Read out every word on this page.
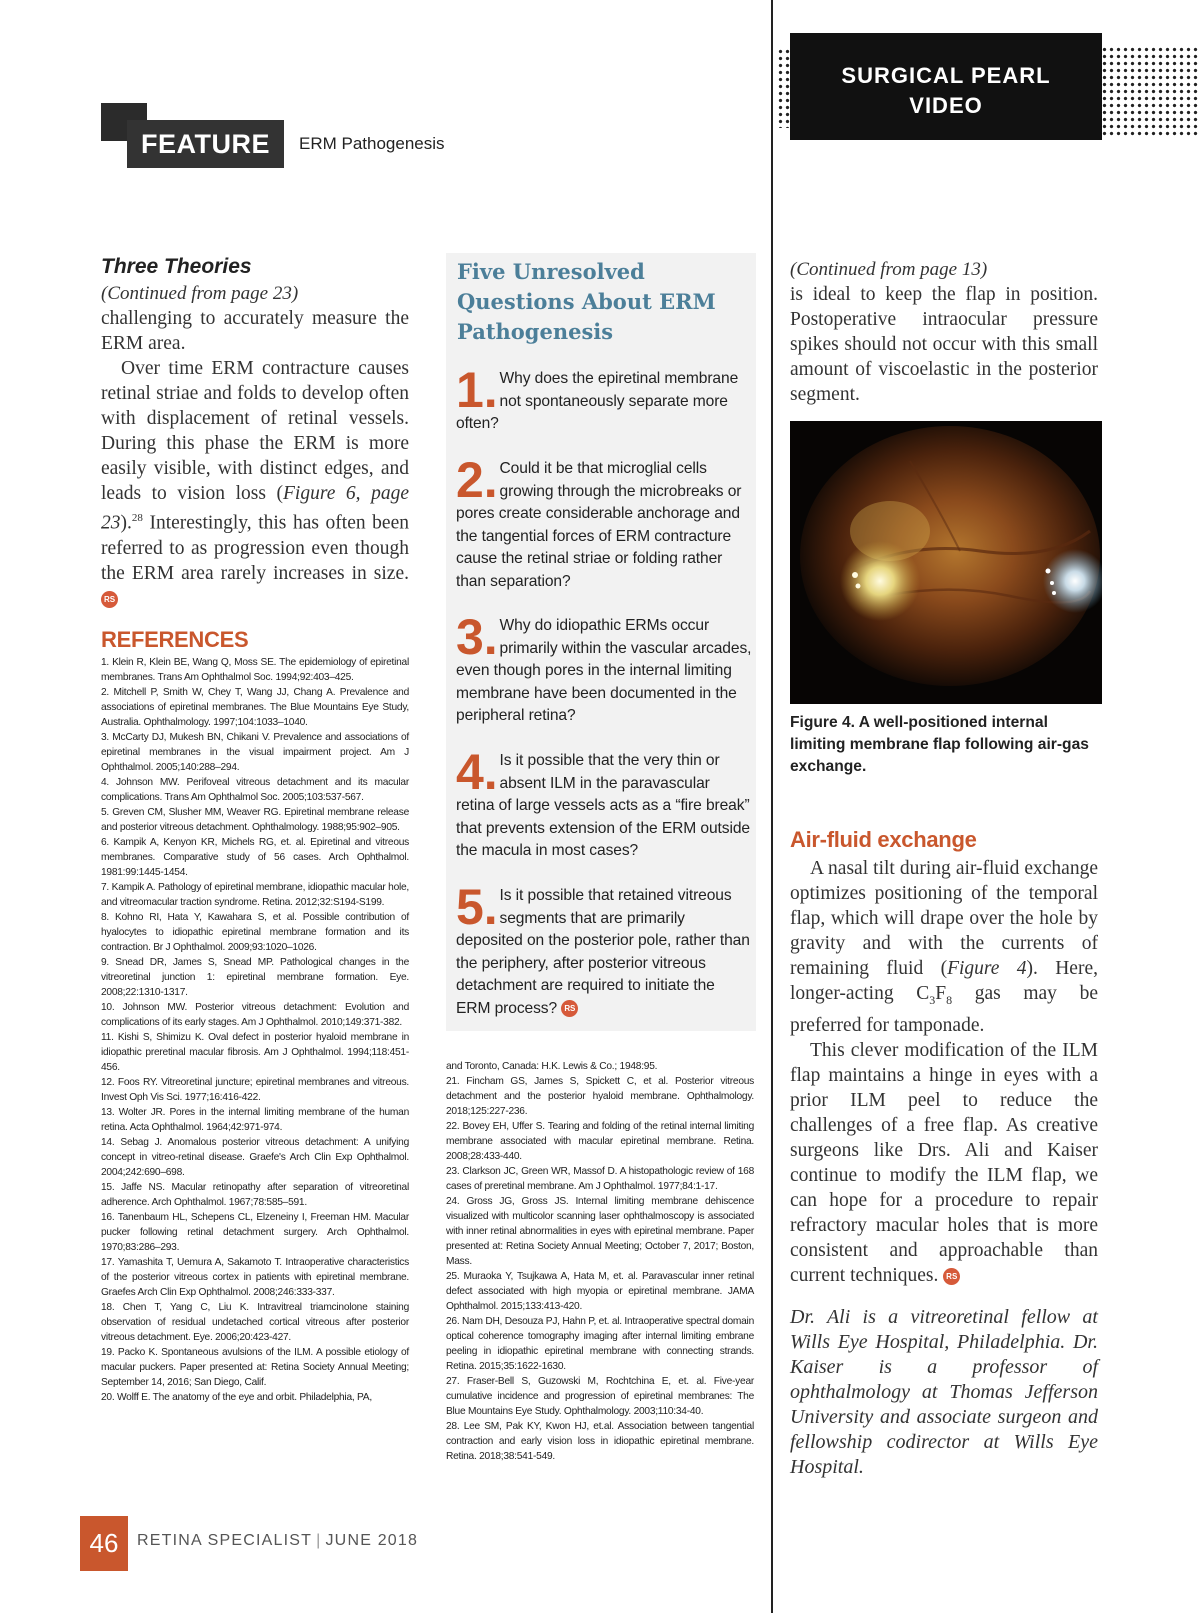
FEATURE	ERM Pathogenesis
SURGICAL PEARL
VIDEO
Three Theories
(Continued from page 23)

challenging to accurately measure the ERM area.

Over time ERM contracture causes retinal striae and folds to develop often with displacement of retinal vessels. During this phase the ERM is more easily visible, with distinct edges, and leads to vision loss (Figure 6, page 23).$^{28}$ Interestingly, this has often been referred to as progression even though the ERM area rarely increases in size. RS

REFERENCES

1. Klein R, Klein BE, Wang Q, Moss SE. The epidemiology of epiretinal membranes. Trans Am Ophthalmol Soc. 1994;92:403–425.

2. Mitchell P, Smith W, Chey T, Wang JJ, Chang A. Prevalence and associations of epiretinal membranes. The Blue Mountains Eye Study, Australia. Ophthalmology. 1997;104:1033–1040.

3. McCarty DJ, Mukesh BN, Chikani V. Prevalence and associations of epiretinal membranes in the visual impairment project. Am J Ophthalmol. 2005;140:288–294.

4. Johnson MW. Perifoveal vitreous detachment and its macular complications. Trans Am Ophthalmol Soc. 2005;103:537-567.

5. Greven CM, Slusher MM, Weaver RG. Epiretinal membrane release and posterior vitreous detachment. Ophthalmology. 1988;95:902–905.

6. Kampik A, Kenyon KR, Michels RG, et. al. Epiretinal and vitreous membranes. Comparative study of 56 cases. Arch Ophthalmol. 1981:99:1445-1454.

7. Kampik A. Pathology of epiretinal membrane, idiopathic macular hole, and vitreomacular traction syndrome. Retina. 2012;32:S194-S199.

8. Kohno RI, Hata Y, Kawahara S, et al. Possible contribution of hyalocytes to idiopathic epiretinal membrane formation and its contraction. Br J Ophthalmol. 2009;93:1020–1026.

9. Snead DR, James S, Snead MP. Pathological changes in the vitreoretinal junction 1: epiretinal membrane formation. Eye. 2008;22:1310-1317.

10. Johnson MW. Posterior vitreous detachment: Evolution and complications of its early stages. Am J Ophthalmol. 2010;149:371-382.

11. Kishi S, Shimizu K. Oval defect in posterior hyaloid membrane in idiopathic preretinal macular fibrosis. Am J Ophthalmol. 1994;118:451-456.

12. Foos RY. Vitreoretinal juncture; epiretinal membranes and vitreous. Invest Oph Vis Sci. 1977;16:416-422.

13. Wolter JR. Pores in the internal limiting membrane of the human retina. Acta Ophthalmol. 1964;42:971-974.

14. Sebag J. Anomalous posterior vitreous detachment: A unifying concept in vitreo-retinal disease. Graefe's Arch Clin Exp Ophthalmol. 2004;242:690–698.

15. Jaffe NS. Macular retinopathy after separation of vitreoretinal adherence. Arch Ophthalmol. 1967;78:585–591.

16. Tanenbaum HL, Schepens CL, Elzeneiny I, Freeman HM. Macular pucker following retinal detachment surgery. Arch Ophthalmol. 1970;83:286–293.

17. Yamashita T, Uemura A, Sakamoto T. Intraoperative characteristics of the posterior vitreous cortex in patients with epiretinal membrane. Graefes Arch Clin Exp Ophthalmol. 2008;246:333-337.

18. Chen T, Yang C, Liu K. Intravitreal triamcinolone staining observation of residual undetached cortical vitreous after posterior vitreous detachment. Eye. 2006;20:423-427.

19. Packo K. Spontaneous avulsions of the ILM. A possible etiology of macular puckers. Paper presented at: Retina Society Annual Meeting; September 14, 2016; San Diego, Calif.

20. Wolff E. The anatomy of the eye and orbit. Philadelphia, PA,

and Toronto, Canada: H.K. Lewis & Co.; 1948:95.

21. Fincham GS, James S, Spickett C, et al. Posterior vitreous detachment and the posterior hyaloid membrane. Ophthalmology. 2018;125:227-236.

22. Bovey EH, Uffer S. Tearing and folding of the retinal internal limiting membrane associated with macular epiretinal membrane. Retina. 2008;28:433-440.

23. Clarkson JC, Green WR, Massof D. A histopathologic review of 168 cases of preretinal membrane. Am J Ophthalmol. 1977;84:1-17.

24. Gross JG, Gross JS. Internal limiting membrane dehiscence visualized with multicolor scanning laser ophthalmoscopy is associated with inner retinal abnormalities in eyes with epiretinal membrane. Paper presented at: Retina Society Annual Meeting; October 7, 2017; Boston, Mass.

25. Muraoka Y, Tsujkawa A, Hata M, et. al. Paravascular inner retinal defect associated with high myopia or epiretinal membrane. JAMA Ophthalmol. 2015;133:413-420.

26. Nam DH, Desouza PJ, Hahn P, et. al. Intraoperative spectral domain optical coherence tomography imaging after internal limiting embrane peeling in idiopathic epiretinal membrane with connecting strands. Retina. 2015;35:1622-1630.

27. Fraser-Bell S, Guzowski M, Rochtchina E, et. al. Five-year cumulative incidence and progression of epiretinal membranes: The Blue Mountains Eye Study. Ophthalmology. 2003;110:34-40.

28. Lee SM, Pak KY, Kwon HJ, et.al. Association between tangential contraction and early vision loss in idiopathic epiretinal membrane. Retina. 2018;38:541-549.

Five Unresolved Questions About ERM Pathogenesis
1. Why does the epiretinal membrane not spontaneously separate more often?
2. Could it be that microglial cells growing through the microbreaks or pores create considerable anchorage and the tangential forces of ERM contracture cause the retinal striae or folding rather than separation?
3. Why do idiopathic ERMs occur primarily within the vascular arcades, even though pores in the internal limiting membrane have been documented in the peripheral retina?
4. Is it possible that the very thin or absent ILM in the paravascular retina of large vessels acts as a “fire break” that prevents extension of the ERM outside the macula in most cases?
5. Is it possible that retained vitreous segments that are primarily deposited on the posterior pole, rather than the periphery, after posterior vitreous detachment are required to initiate the ERM process? RS
(Continued from page 13)

is ideal to keep the flap in position. Postoperative intraocular pressure spikes should not occur with this small amount of viscoelastic in the posterior segment.

Figure 4. A well-positioned internal limiting membrane flap following air-gas exchange.
Air-fluid exchange

A nasal tilt during air-fluid exchange optimizes positioning of the temporal flap, which will drape over the hole by gravity and with the currents of remaining fluid (Figure 4). Here, longer-acting $C_3F_8$ gas may be preferred for tamponade.

This clever modification of the ILM flap maintains a hinge in eyes with a prior ILM peel to reduce the challenges of a free flap. As creative surgeons like Drs. Ali and Kaiser continue to modify the ILM flap, we can hope for a procedure to repair refractory macular holes that is more consistent and approachable than current techniques. RS

Dr. Ali is a vitreoretinal fellow at Wills Eye Hospital, Philadelphia. Dr. Kaiser is a professor of ophthalmology at Thomas Jefferson University and associate surgeon and fellowship codirector at Wills Eye Hospital.

46	RETINA SPECIALIST | JUNE 2018
